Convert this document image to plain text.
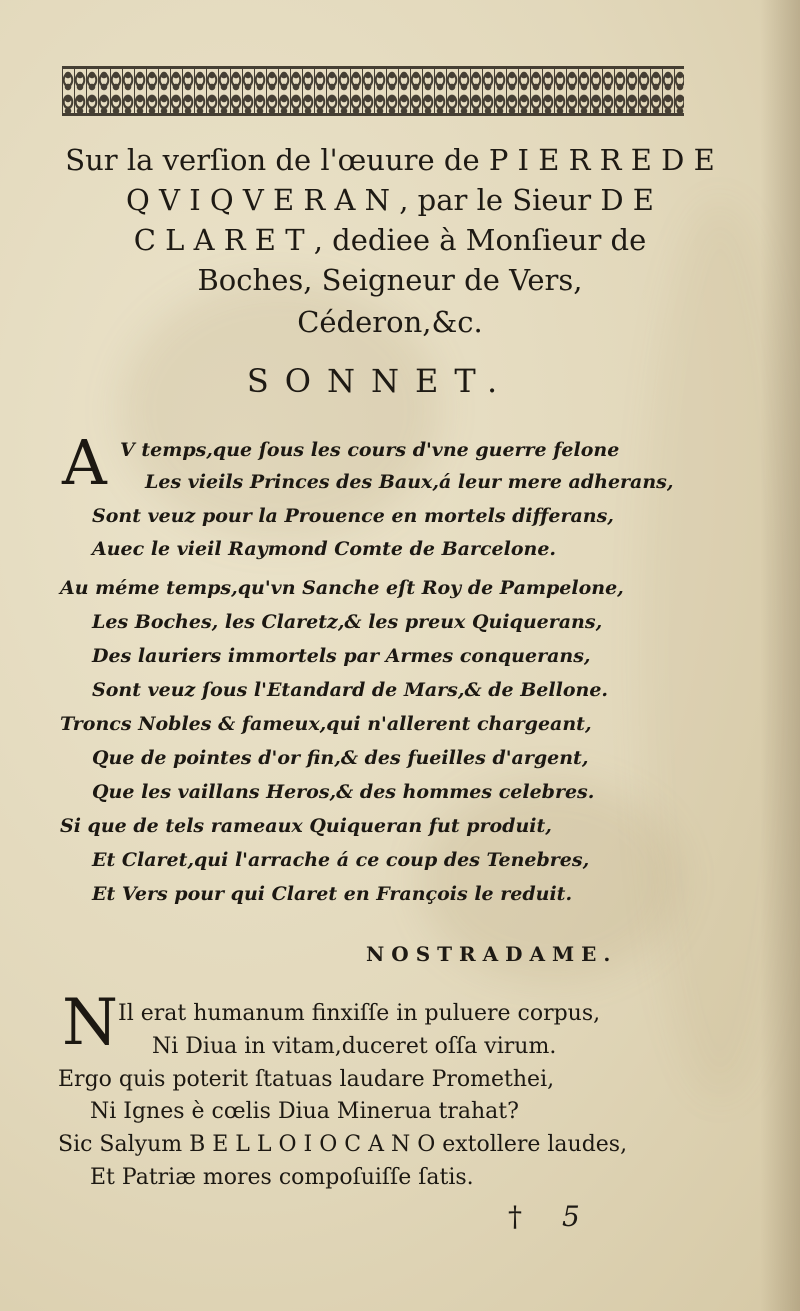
Sur la verſion de l'œuure de P I E R R E D E
Q V I Q V E R A N , par le Sieur D E
C L A R E T , dediee à Monſieur de
Boches, Seigneur de Vers,
Céderon,&c.
SONNET.
A V temps,que ſous les cours d'vne guerre felone
Les vieils Princes des Baux,á leur mere adherans,
Sont veuz pour la Prouence en mortels differans,
Auec le vieil Raymond Comte de Barcelone.
Au méme temps,qu'vn Sanche eſt Roy de Pampelone,
Les Boches, les Claretz,& les preux Quiquerans,
Des lauriers immortels par Armes conquerans,
Sont veuz ſous l'Etandard de Mars,& de Bellone.
Troncs Nobles & fameux,qui n'allerent chargeant,
Que de pointes d'or fin,& des fueilles d'argent,
Que les vaillans Heros,& des hommes celebres.
Si que de tels rameaux Quiqueran fut produit,
Et Claret,qui l'arrache á ce coup des Tenebres,
Et Vers pour qui Claret en François le reduit.
NOSTRADAME.
N Il erat humanum finxiſſe in puluere corpus,
Ni Diua in vitam,duceret oſſa virum.
Ergo quis poterit ſtatuas laudare Promethei,
Ni Ignes è cœlis Diua Minerua trahat?
Sic Salyum B E L L O I O C A N O extollere laudes,
Et Patriæ mores compoſuiſſe ſatis.
† 5
